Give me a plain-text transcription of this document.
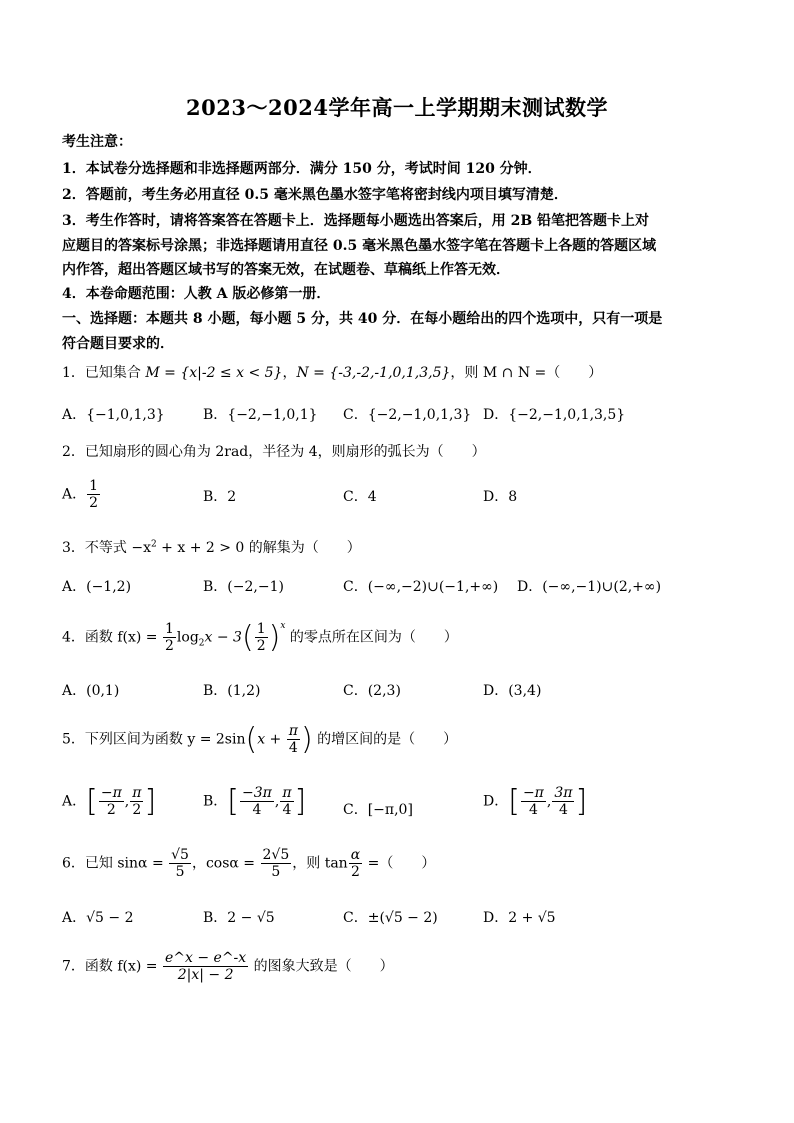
2023～2024学年高一上学期期末测试数学
考生注意：
1．本试卷分选择题和非选择题两部分．满分 150 分，考试时间 120 分钟．
2．答题前，考生务必用直径 0.5 毫米黑色墨水签字笔将密封线内项目填写清楚．
3．考生作答时，请将答案答在答题卡上．选择题每小题选出答案后，用 2B 铅笔把答题卡上对
应题目的答案标号涂黑；非选择题请用直径 0.5 毫米黑色墨水签字笔在答题卡上各题的答题区域
内作答，超出答题区域书写的答案无效，在试题卷、草稿纸上作答无效．
4．本卷命题范围：人教 A 版必修第一册．
一、选择题：本题共 8 小题，每小题 5 分，共 40 分．在每小题给出的四个选项中，只有一项是
符合题目要求的．
1．已知集合 M = {x|-2 ≤ x < 5}，N = {-3,-2,-1,0,1,3,5}，则 M ∩ N =（　　）
A．{−1,0,1,3}	B．{−2,−1,0,1} C．{−2,−1,0,1,3} D．{−2,−1,0,1,3,5}
2．已知扇形的圆心角为 2rad，半径为 4，则扇形的弧长为（　　）
A． $\frac{1}{2}$	B．2	C．4	D．8
3．不等式 $-x^2 + x + 2 > 0$ 的解集为（　　）
A．(−1,2)	B．(−2,−1)	C．(−∞,−2)∪(−1,+∞) D．(−∞,−1)∪(2,+∞)
4．函数 $f(x) = \frac{1}{2} \log_2x - 3( \frac{1}{2} )^x$ 的零点所在区间为（　　）
A．(0,1)	B．(1,2)	C．(2,3)	D．(3,4)
5．下列区间为函数 $y = 2\sin(x + \frac{\pi}{4}$ ) 的增区间的是（　　）
A．[ $\frac{-\pi}{2}$ , $\frac{\pi}{2}$ ]	B．[ $\frac{-3\pi}{4}$ , $\frac{\pi}{4}$ ]	C．[−π,0]
D．[ $\frac{-\pi}{4}$ , $\frac{3\pi}{4}$ ]
6．已知 $\sin\alpha = \frac{√5}{5}$ ，$\cos\alpha = \frac{2√5}{5}$ ，则 $\tan \frac{\alpha}{2}$ =（　　）
A．√5 − 2	B．2 − √5	C．±(√5 − 2)	D．2 + √5
7．函数 $f(x) = \frac{e\^{}x - e\^{}-x}{2|x| - 2}$ 的图象大致是（　　）
